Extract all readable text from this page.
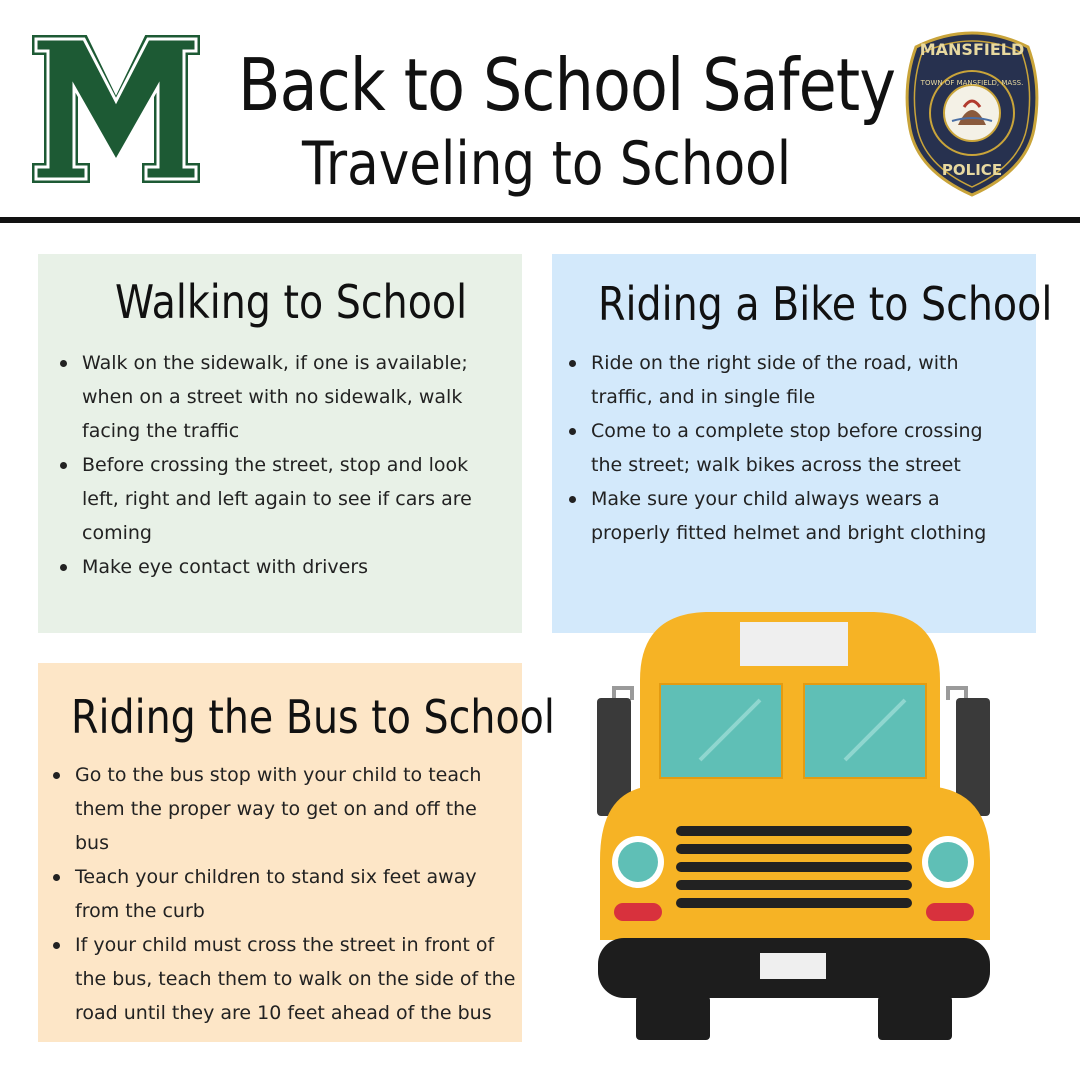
Back to School Safety
Traveling to School
MANSFIELD
TOWN OF MANSFIELD, MASS.
POLICE
Walking to School
Walk on the sidewalk, if one is available;
when on a street with no sidewalk, walk
facing the traffic
Before crossing the street, stop and look
left, right and left again to see if cars are
coming
Make eye contact with drivers
Riding a Bike to School
Ride on the right side of the road, with
traffic, and in single file
Come to a complete stop before crossing
the street; walk bikes across the street
Make sure your child always wears a
properly fitted helmet and bright clothing
Riding the Bus to School
Go to the bus stop with your child to teach
them the proper way to get on and off the
bus
Teach your children to stand six feet away
from the curb
If your child must cross the street in front of
the bus, teach them to walk on the side of the
road until they are 10 feet ahead of the bus
